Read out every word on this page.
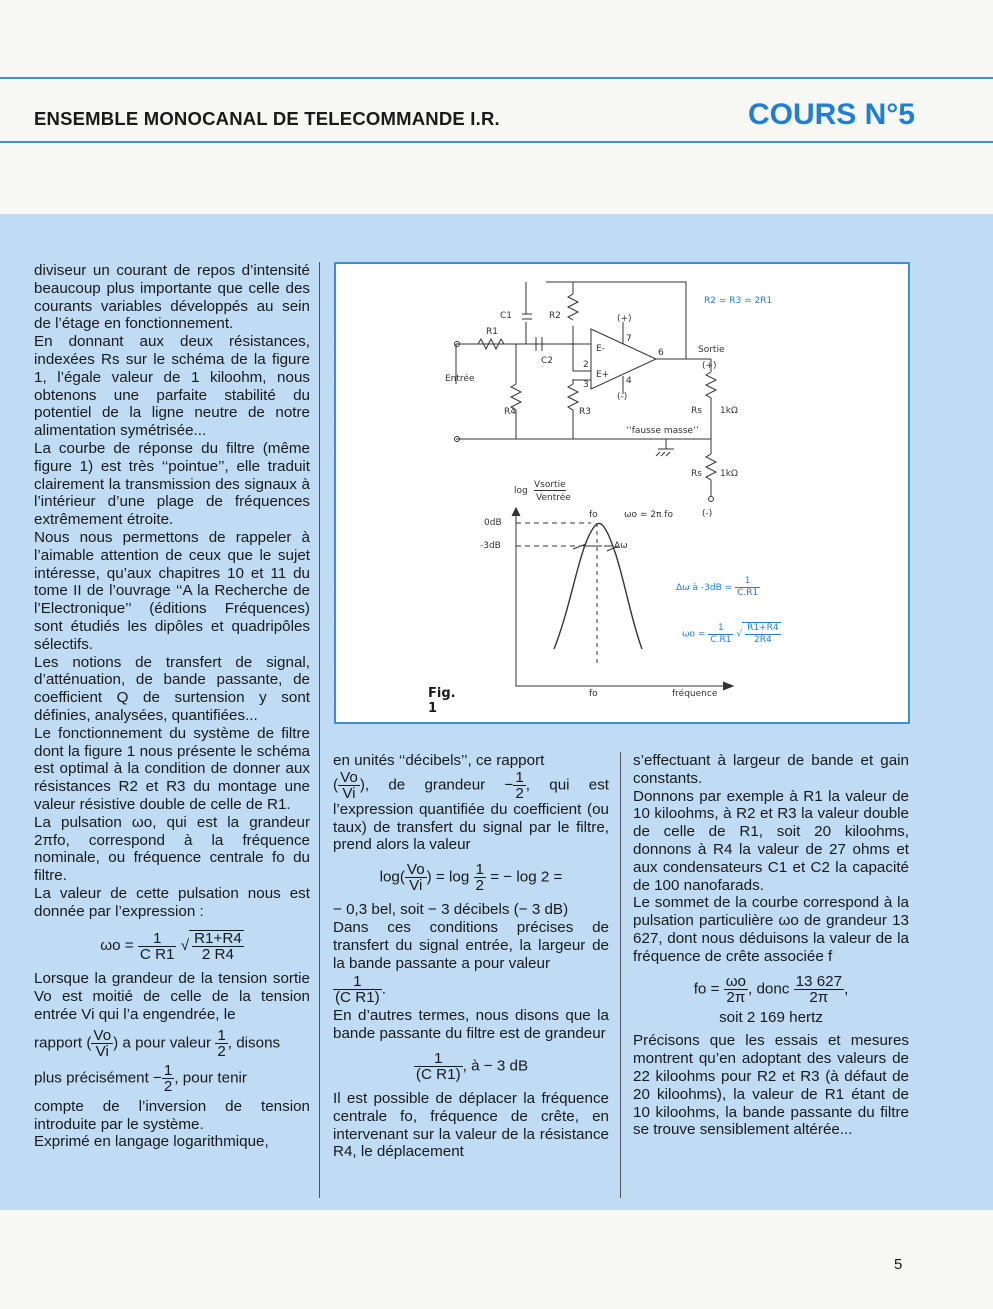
ENSEMBLE MONOCANAL DE TELECOMMANDE I.R.	COURS N°5

diviseur un courant de repos d’intensité beaucoup plus importante que celle des courants variables développés au sein de l’étage en fonctionnement.

En donnant aux deux résistances, indexées Rs sur le schéma de la figure 1, l’égale valeur de 1 kiloohm, nous obtenons une parfaite stabilité du potentiel de la ligne neutre de notre alimentation symétrisée...

La courbe de réponse du filtre (même figure 1) est très ‘‘pointue’’, elle traduit clairement la transmission des signaux à l’intérieur d’une plage de fréquences extrêmement étroite.

Nous nous permettons de rappeler à l’aimable attention de ceux que le sujet intéresse, qu’aux chapitres 10 et 11 du tome II de l’ouvrage ‘‘A la Recherche de l’Electronique’’ (éditions Fréquences) sont étudiés les dipôles et quadripôles sélectifs.

Les notions de transfert de signal, d’atténuation, de bande passante, de coefficient Q de surtension y sont définies, analysées, quantifiées...

Le fonctionnement du système de filtre dont la figure 1 nous présente le schéma est optimal à la condition de donner aux résistances R2 et R3 du montage une valeur résistive double de celle de R1.

La pulsation ωo, qui est la grandeur 2πfo, correspond à la fréquence nominale, ou fréquence centrale fo du filtre.

La valeur de cette pulsation nous est donnée par l’expression :

$\omega o = \frac{1}{\text{C R1}}$ √ $\frac{R1+R4}{2 R4}$

Lorsque la grandeur de la tension sortie Vo est moitié de celle de la tension entrée Vi qui l’a engendrée, le

rapport ( $\frac{Vo}{Vi}$ ) a pour valeur $\frac{1}{2}$ , disons
plus précisément − $\frac{1}{2}$ , pour tenir

compte de l’inversion de tension introduite par le système.

Exprimé en langage logarithmique,

R2 = R3 = 2R1
C1
C2
R1
R2
R3
R4
(+)
(-)
2
3	4
6
7
E-
E+
Entrée
Sortie
(+)
Rs 1kΩ
Rs 1kΩ
(-)
‘‘fausse masse’’
log
Vsortie
Ventrée
0dB
-3dB
fo
Δω
ωo = 2π fo
fo	fréquence
Δω à $-3dB = \frac{1}{C.R1}$
$\omega o = \frac{1}{C.R1}$ √ $\frac{R1+R4}{2R4}$
Fig. 1

en unités ‘‘décibels’’, ce rapport

( $\frac{Vo}{Vi}$ ), de grandeur − $\frac{1}{2}$ , qui est l’expression quantifiée du coefficient (ou taux) de transfert du signal par le filtre, prend alors la valeur
$\log( \frac{Vo}{Vi}$ ) = $\log \frac{1}{2}$ = − log 2 =

− 0,3 bel, soit − 3 décibels (− 3 dB)

Dans ces conditions précises de transfert du signal entrée, la largeur de la bande passante a pour valeur

$\frac{1}{\text{(C R1)}}$ .

En d’autres termes, nous disons que la bande passante du filtre est de grandeur

$\frac{1}{\text{(C R1)}}$ , à − 3 dB

Il est possible de déplacer la fréquence centrale fo, fréquence de crête, en intervenant sur la valeur de la résistance R4, le déplacement

s’effectuant à largeur de bande et gain constants.

Donnons par exemple à R1 la valeur de 10 kiloohms, à R2 et R3 la valeur double de celle de R1, soit 20 kiloohms, donnons à R4 la valeur de 27 ohms et aux condensateurs C1 et C2 la capacité de 100 nanofarads.

Le sommet de la courbe correspond à la pulsation particulière ωo de grandeur 13 627, dont nous déduisons la valeur de la fréquence de crête associée f

fo = $\frac{\omega o}{2\pi}$ , donc $\frac{13 627}{2\pi}$ ,

soit 2 169 hertz

Précisons que les essais et mesures montrent qu’en adoptant des valeurs de 22 kiloohms pour R2 et R3 (à défaut de 20 kiloohms), la valeur de R1 étant de 10 kiloohms, la bande passante du filtre se trouve sensiblement altérée...

5
